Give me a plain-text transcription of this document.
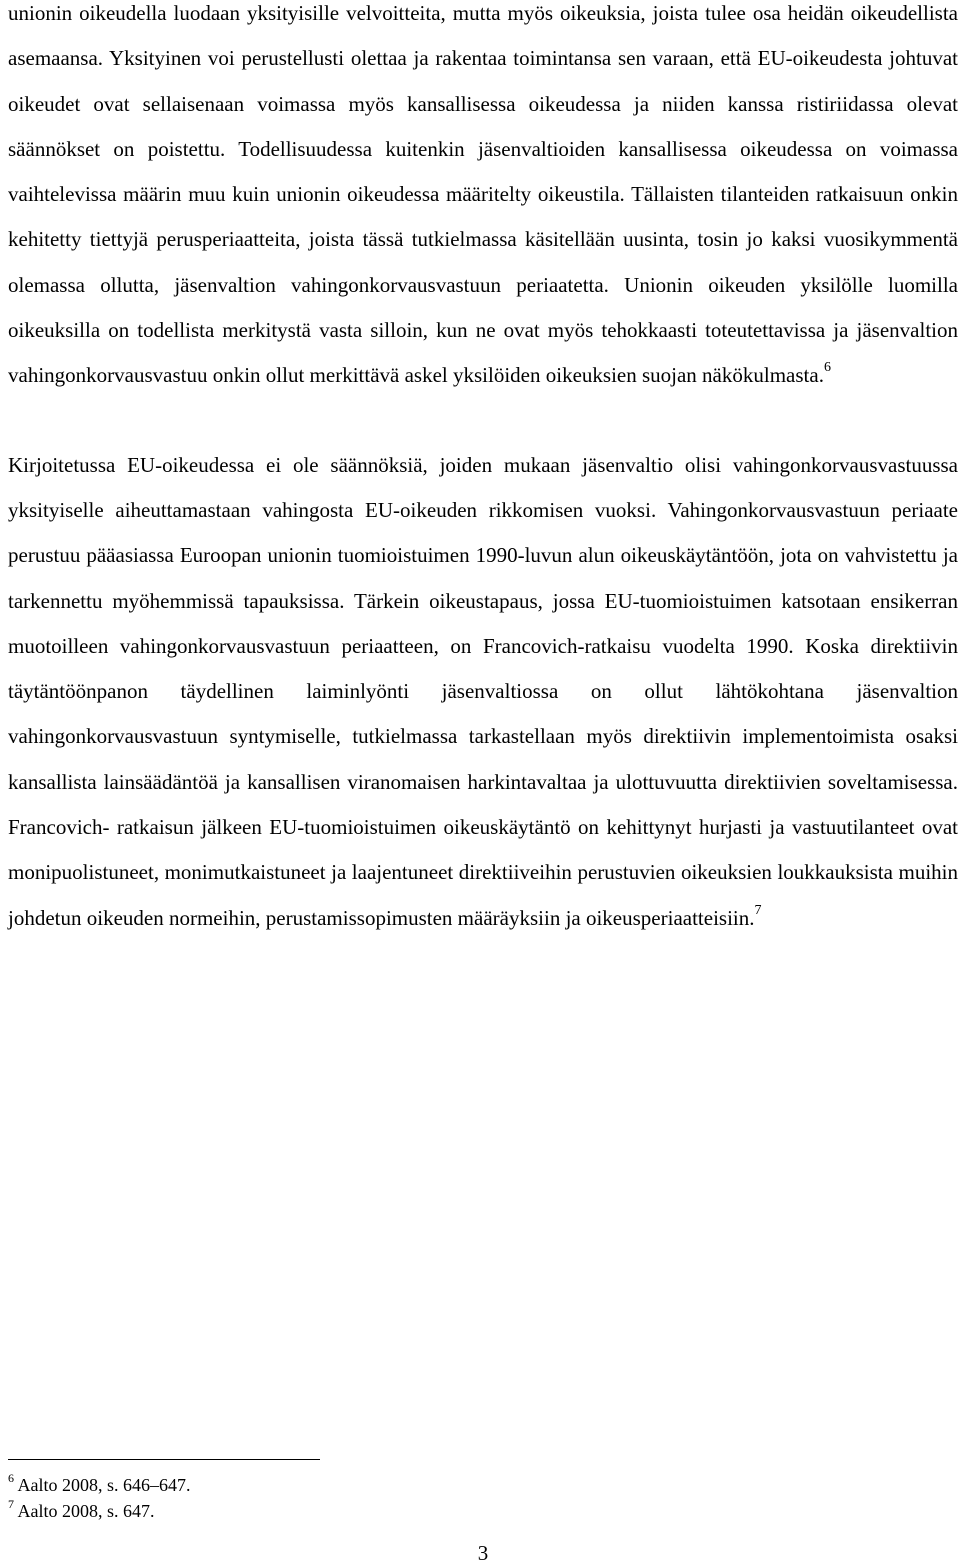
unionin oikeudella luodaan yksityisille velvoitteita, mutta myös oikeuksia, joista tulee osa heidän oikeudellista asemaansa. Yksityinen voi perustellusti olettaa ja rakentaa toimintansa sen varaan, että EU-oikeudesta johtuvat oikeudet ovat sellaisenaan voimassa myös kansallisessa oikeudessa ja niiden kanssa ristiriidassa olevat säännökset on poistettu. Todellisuudessa kuitenkin jäsenvaltioiden kansallisessa oikeudessa on voimassa vaihtelevissa määrin muu kuin unionin oikeudessa määritelty oikeustila. Tällaisten tilanteiden ratkaisuun onkin kehitetty tiettyjä perusperiaatteita, joista tässä tutkielmassa käsitellään uusinta, tosin jo kaksi vuosikymmentä olemassa ollutta, jäsenvaltion vahingonkorvausvastuun periaatetta. Unionin oikeuden yksilölle luomilla oikeuksilla on todellista merkitystä vasta silloin, kun ne ovat myös tehokkaasti toteutettavissa ja jäsenvaltion vahingonkorvausvastuu onkin ollut merkittävä askel yksilöiden oikeuksien suojan näkökulmasta.$^6$

Kirjoitetussa EU-oikeudessa ei ole säännöksiä, joiden mukaan jäsenvaltio olisi vahingonkorvausvastuussa yksityiselle aiheuttamastaan vahingosta EU-oikeuden rikkomisen vuoksi. Vahingonkorvausvastuun periaate perustuu pääasiassa Euroopan unionin tuomioistuimen 1990-luvun alun oikeuskäytäntöön, jota on vahvistettu ja tarkennettu myöhemmissä tapauksissa. Tärkein oikeustapaus, jossa EU-tuomioistuimen katsotaan ensikerran muotoilleen vahingonkorvausvastuun periaatteen, on Francovich-ratkaisu vuodelta 1990. Koska direktiivin täytäntöönpanon täydellinen laiminlyönti jäsenvaltiossa on ollut lähtökohtana jäsenvaltion vahingonkorvausvastuun syntymiselle, tutkielmassa tarkastellaan myös direktiivin implementoimista osaksi kansallista lainsäädäntöä ja kansallisen viranomaisen harkintavaltaa ja ulottuvuutta direktiivien soveltamisessa. Francovich- ratkaisun jälkeen EU-tuomioistuimen oikeuskäytäntö on kehittynyt hurjasti ja vastuutilanteet ovat monipuolistuneet, monimutkaistuneet ja laajentuneet direktiiveihin perustuvien oikeuksien loukkauksista muihin johdetun oikeuden normeihin, perustamissopimusten määräyksiin ja oikeusperiaatteisiin.$^7$

$^6$ Aalto 2008, s. 646–647.

$^7$ Aalto 2008, s. 647.

3
